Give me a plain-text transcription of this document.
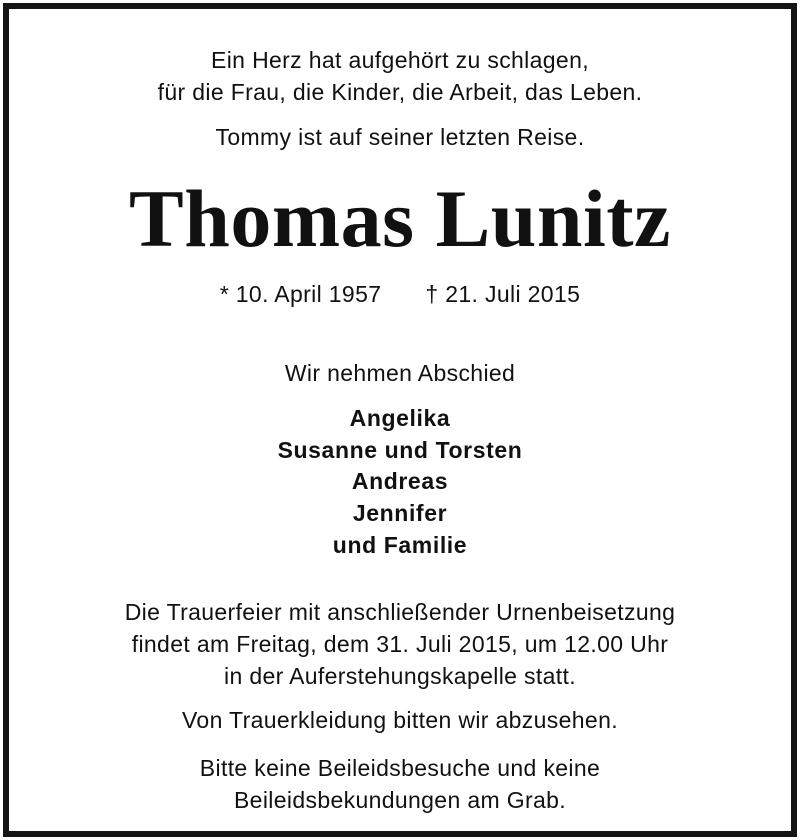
Ein Herz hat aufgehört zu schlagen,
für die Frau, die Kinder, die Arbeit, das Leben.
Tommy ist auf seiner letzten Reise.
Thomas Lunitz
* 10. April 1957 † 21. Juli 2015
Wir nehmen Abschied
Angelika
Susanne und Torsten
Andreas
Jennifer
und Familie
Die Trauerfeier mit anschließender Urnenbeisetzung
findet am Freitag, dem 31. Juli 2015, um 12.00 Uhr
in der Auferstehungskapelle statt.
Von Trauerkleidung bitten wir abzusehen.
Bitte keine Beileidsbesuche und keine
Beileidsbekundungen am Grab.
